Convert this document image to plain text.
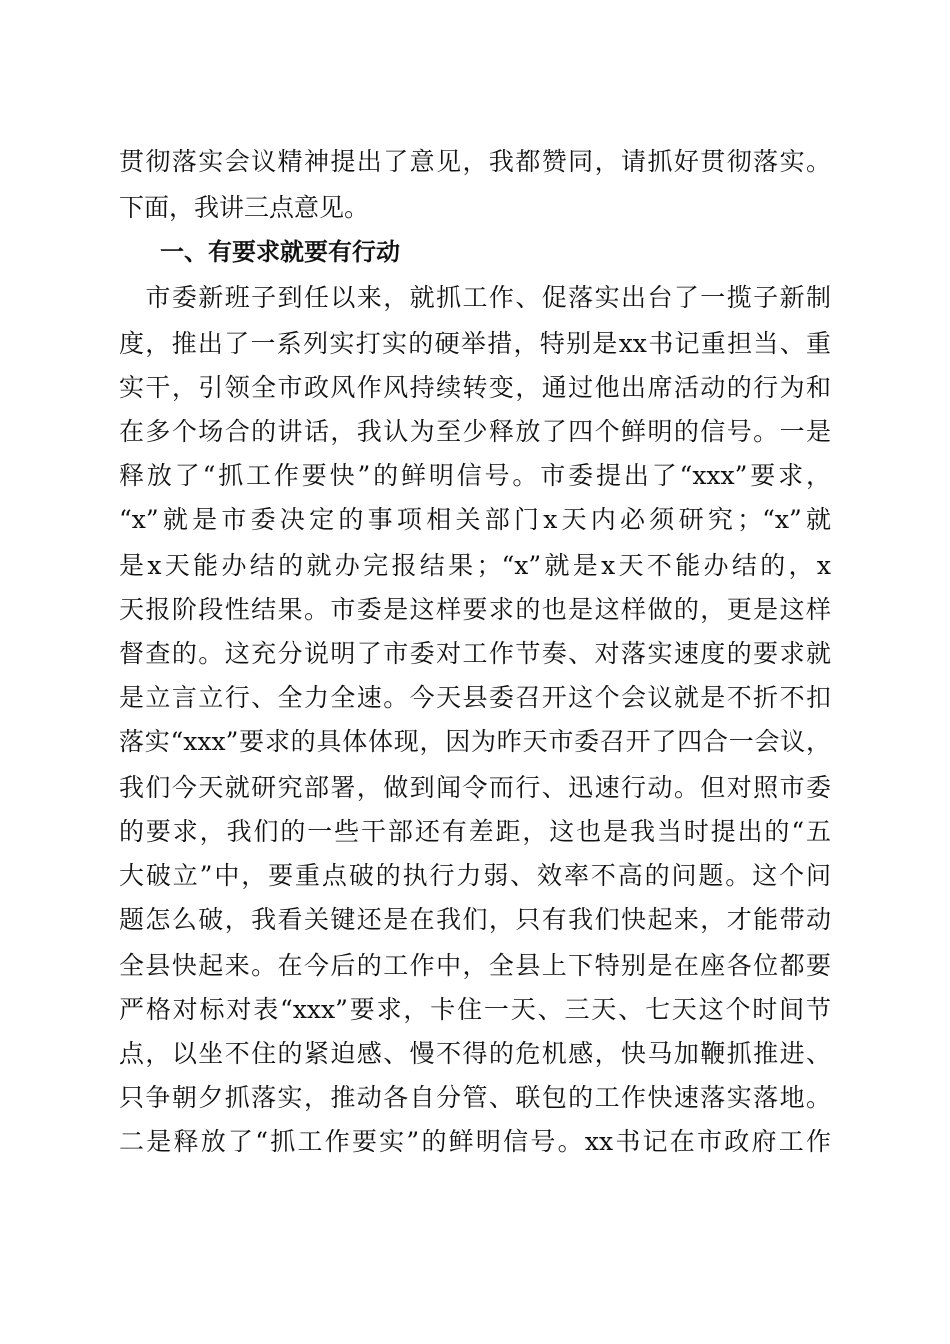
贯彻落实会议精神提出了意见，我都赞同，请抓好贯彻落实。
下面，我讲三点意见。
一、有要求就要有行动
　市委新班子到任以来，就抓工作、促落实出台了一揽子新制
度，推出了一系列实打实的硬举措，特别是xx书记重担当、重
实干，引领全市政风作风持续转变，通过他出席活动的行为和
在多个场合的讲话，我认为至少释放了四个鲜明的信号。一是
释放了“抓工作要快”的鲜明信号。市委提出了“xxx”要求，
“x”就是市委决定的事项相关部门x天内必须研究；“x”就
是x天能办结的就办完报结果；“x”就是x天不能办结的，x
天报阶段性结果。市委是这样要求的也是这样做的，更是这样
督查的。这充分说明了市委对工作节奏、对落实速度的要求就
是立言立行、全力全速。今天县委召开这个会议就是不折不扣
落实“xxx”要求的具体体现，因为昨天市委召开了四合一会议，
我们今天就研究部署，做到闻令而行、迅速行动。但对照市委
的要求，我们的一些干部还有差距，这也是我当时提出的“五
大破立”中，要重点破的执行力弱、效率不高的问题。这个问
题怎么破，我看关键还是在我们，只有我们快起来，才能带动
全县快起来。在今后的工作中，全县上下特别是在座各位都要
严格对标对表“xxx”要求，卡住一天、三天、七天这个时间节
点，以坐不住的紧迫感、慢不得的危机感，快马加鞭抓推进、
只争朝夕抓落实，推动各自分管、联包的工作快速落实落地。
二是释放了“抓工作要实”的鲜明信号。xx书记在市政府工作
